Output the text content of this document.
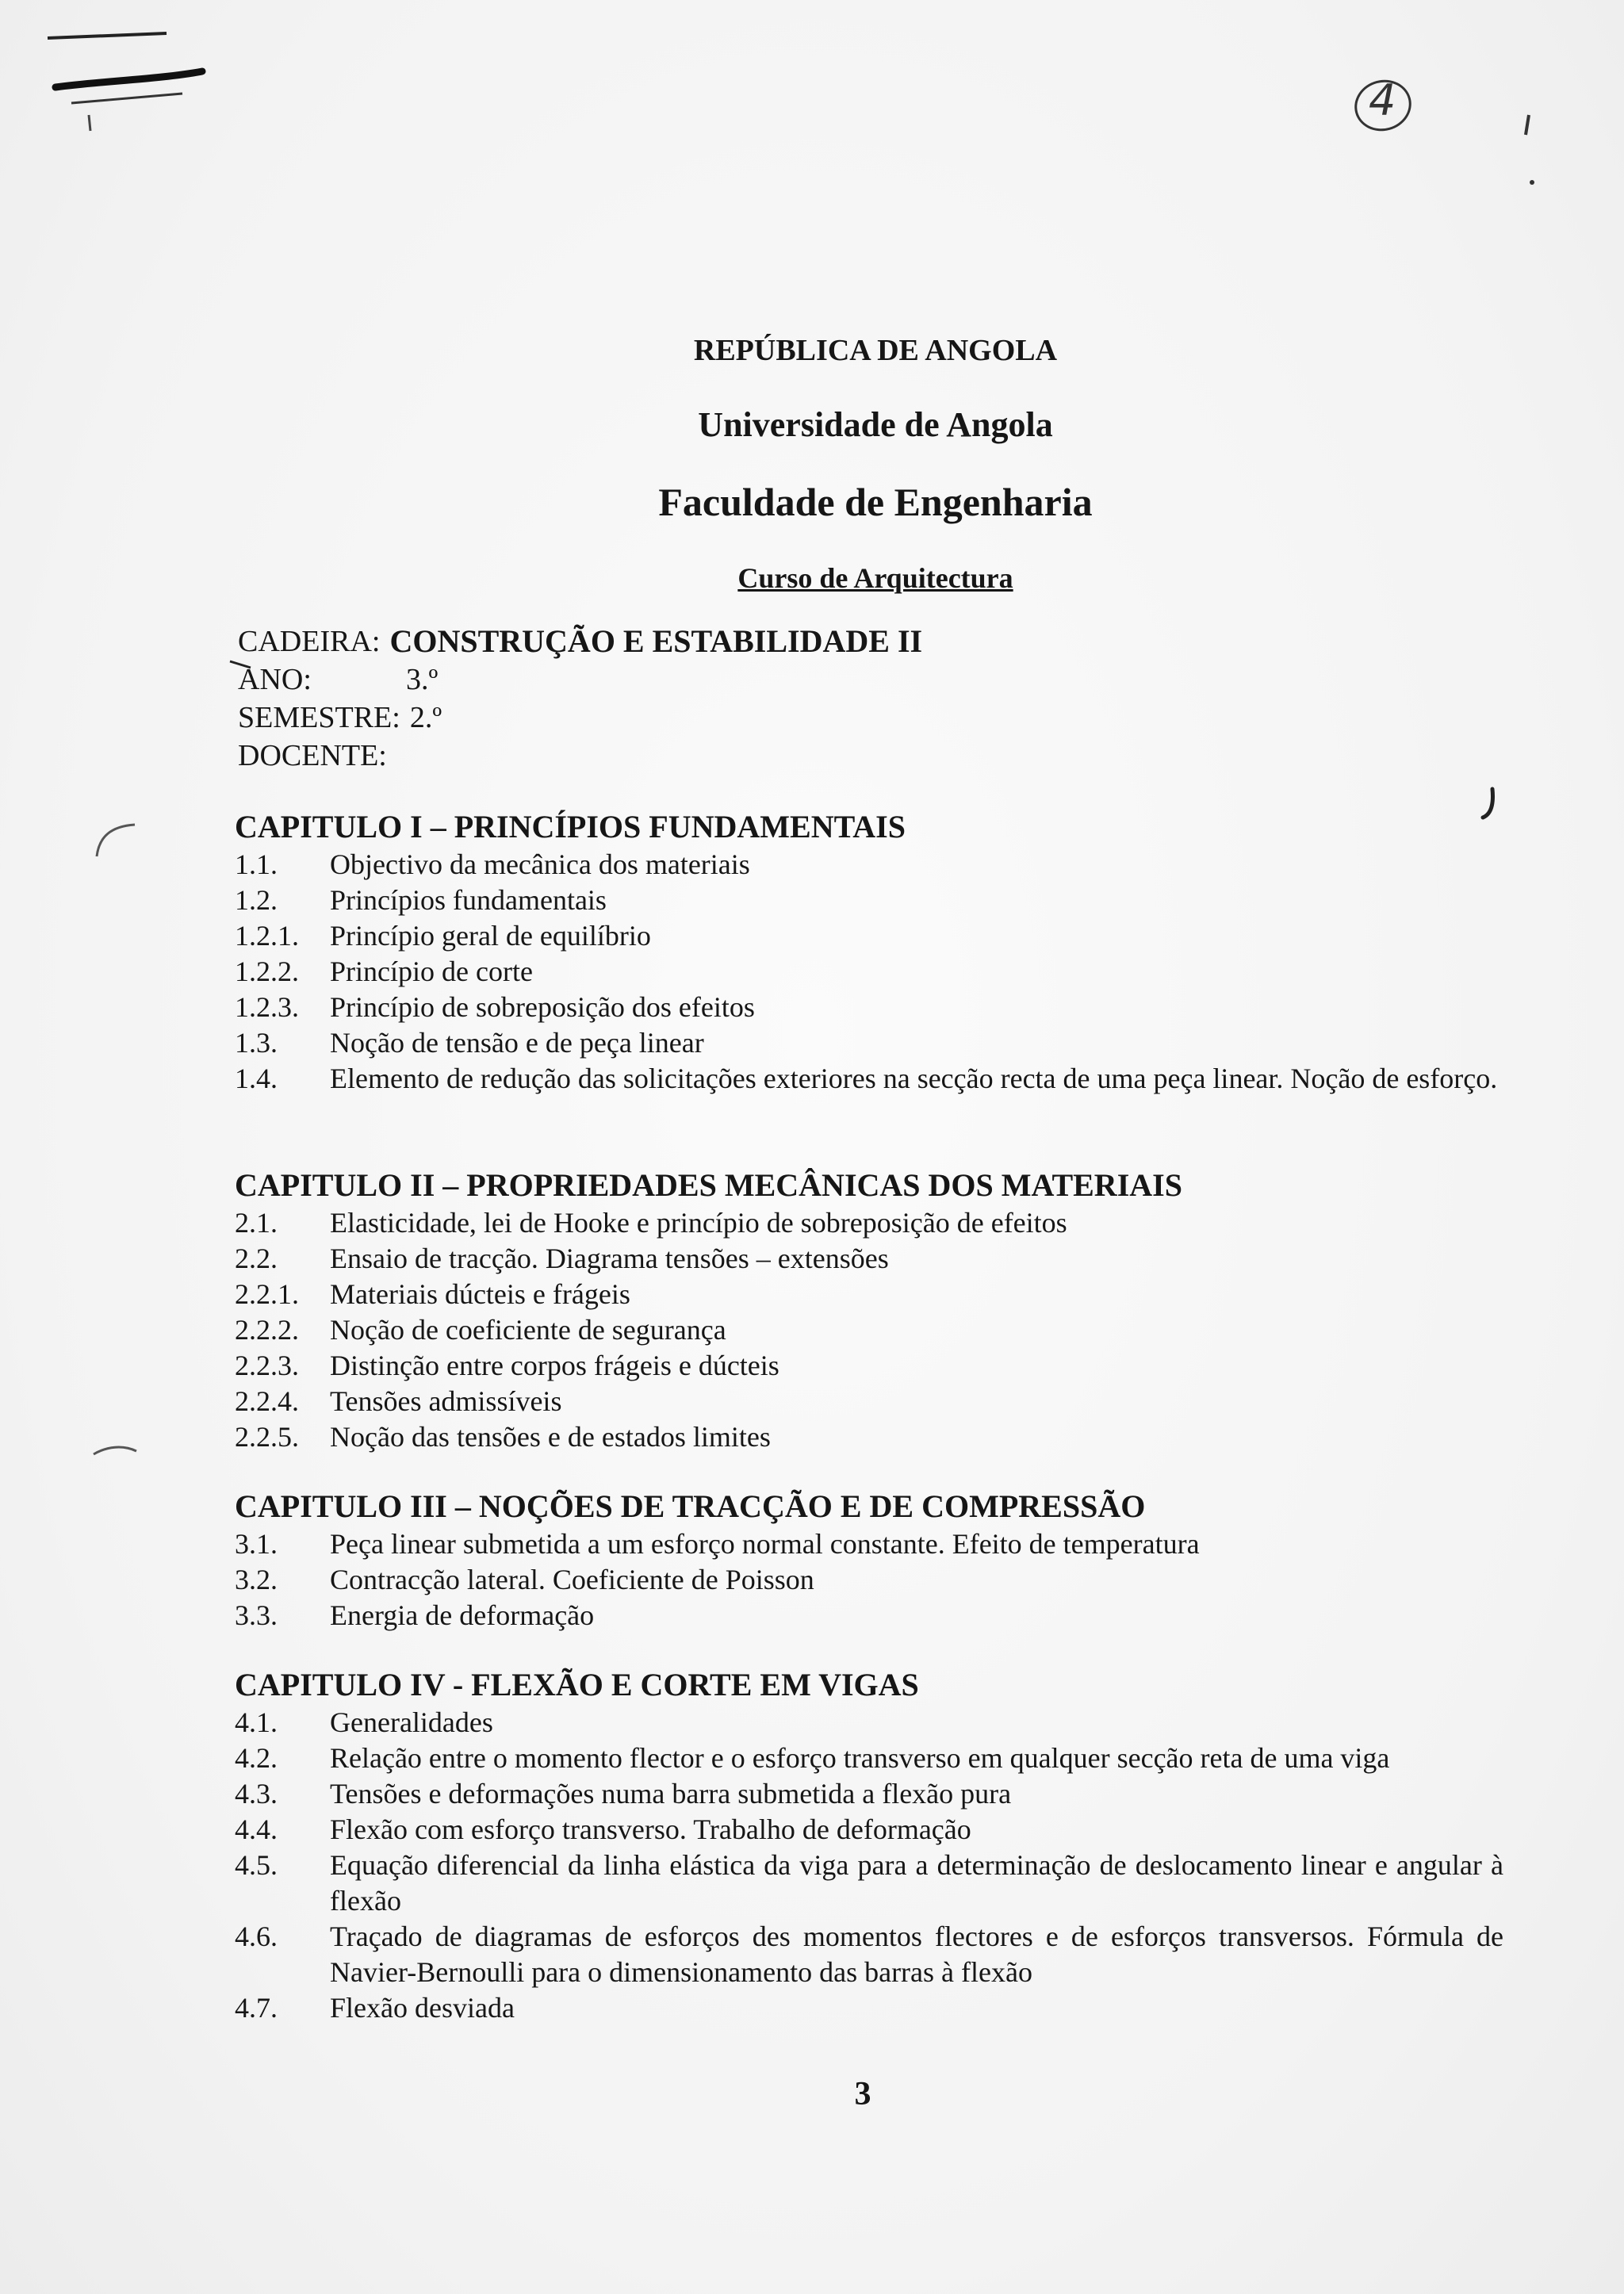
4
REPÚBLICA DE ANGOLA
Universidade de Angola
Faculdade de Engenharia
Curso de Arquitectura
CADEIRA: CONSTRUÇÃO E ESTABILIDADE II
ANO:	3.º
SEMESTRE: 2.º
DOCENTE:
CAPITULO I – PRINCÍPIOS FUNDAMENTAIS
1.1.	Objectivo da mecânica dos materiais
1.2.	Princípios fundamentais
1.2.1.	Princípio geral de equilíbrio
1.2.2.	Princípio de corte
1.2.3.	Princípio de sobreposição dos efeitos
1.3.	Noção de tensão e de peça linear
1.4.	Elemento de redução das solicitações exteriores na secção recta de uma peça linear. Noção de esforço.
CAPITULO II – PROPRIEDADES MECÂNICAS DOS MATERIAIS
2.1.	Elasticidade, lei de Hooke e princípio de sobreposição de efeitos
2.2.	Ensaio de tracção. Diagrama tensões – extensões
2.2.1.	Materiais dúcteis e frágeis
2.2.2.	Noção de coeficiente de segurança
2.2.3.	Distinção entre corpos frágeis e dúcteis
2.2.4.	Tensões admissíveis
2.2.5.	Noção das tensões e de estados limites
CAPITULO III – NOÇÕES DE TRACÇÃO E DE COMPRESSÃO
3.1.	Peça linear submetida a um esforço normal constante. Efeito de temperatura
3.2.	Contracção lateral. Coeficiente de Poisson
3.3.	Energia de deformação
CAPITULO IV - FLEXÃO E CORTE EM VIGAS
4.1.	Generalidades
4.2.	Relação entre o momento flector e o esforço transverso em qualquer secção reta de uma viga
4.3.	Tensões e deformações numa barra submetida a flexão pura
4.4.	Flexão com esforço transverso. Trabalho de deformação
4.5.	Equação diferencial da linha elástica da viga para a determinação de deslocamento linear e angular à flexão
4.6.	Traçado de diagramas de esforços des momentos flectores e de esforços transversos. Fórmula de Navier-Bernoulli para o dimensionamento das barras à flexão
4.7.	Flexão desviada
3
